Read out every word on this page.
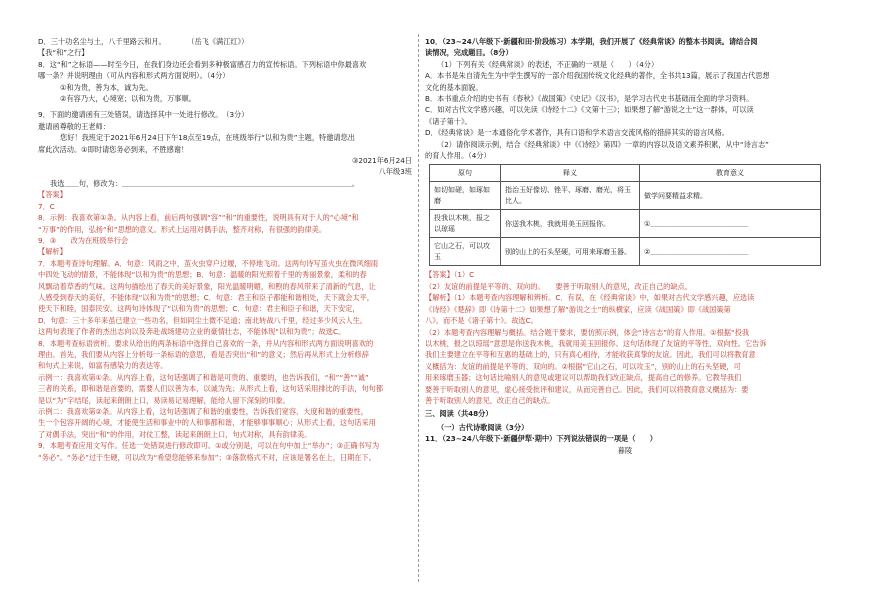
D．三十功名尘与土，八千里路云和月。　　　　（岳飞《满江红》）
【我“和”之行】
8．这“和”之标语——时至今日，在我们身边还会看到多种极富感召力的宣传标语。下列标语中你最喜欢
哪一条？并说明理由（可从内容和形式两方面说明）。（4分）
①和为贵，善为本，诚为先。
②有容乃大，心境宽；以和为贵，万事顺。
9．下面的邀请函有三处错误，请选择其中一处进行修改。　（3分）
邀请函尊敬的王老师：
您好！我班定于2021年6月24日下午18点至19点，在班级举行“以和为贵”主题，特邀请您出
席此次活动。①即时请您务必到来，不胜感谢！
③2021年6月24日
八年级3班
我选＿＿句，修改为：＿＿＿＿＿＿＿＿＿＿＿＿＿＿＿＿＿＿＿＿＿＿＿＿＿＿＿＿＿＿＿＿。
【答案】
7．C
8．示例：我喜欢第①条。从内容上看，前后两句强调“容”“和”的重要性，说明具有对于人的“心境”和
“万事”的作用，弘扬“和”思想的意义。形式上运用对偶手法，整齐对称，有很强的韵律美。
9．③　　改为在班级举行会
【解析】
7．本题考查诗句理解。A．句意：风雨之中，茧火虫穿户过堰，不停地飞动。这两句诗写茧火虫在微风细雨
中四处飞动的情景，不能体现“以和为贵”的思想；B．句意：温暖的阳光照着千里的秀丽景象，柔和的春
风飘动着草香的气味。这两句描绘出了春天的美好景象，阳光温暖明媚，和煦的春风带来了清新的气息，让
人感受到春天的美好，不能体现“以和为贵”的思想；C．句意：君王和臣子都能和谐相处，天下就会太平，
使天下和睦，国泰民安。这两句诗体现了“以和为贵”的思想；C．句意：君主和臣子和谐，天下安定，
D．句意：三十多年来虽已建立一些功名，但如同尘土微不足道；南北转战八千里，经过多少风云人生。
这两句表现了作者的杰出志向以及奔赴战场建功立业的豪情壮志，不能体现“以和为贵”；故选C。
8．本题考查标语赏析。要求从给出的两条标语中选择自己喜欢的一条，并从内容和形式两方面说明喜欢的
理由。首先，我们要从内容上分析每一条标语的意思，看是否突出“和”的意义；然后再从形式上分析修辞
和句式上来说，如富有感染力的表达等。
示例一：我喜欢第①条。从内容上看，这句话强调了和谐是可贵的、重要的，也告诉我们，“和”“善”“诚”
三者的关系，即和谐是首要的，需要人们以善为本，以诚为先；从形式上看，这句话采用排比的手法，句句都
是以“为”字结尾，读起来朗朗上口，易读易记易理解，能给人留下深刻的印象。
示例二：我喜欢第②条。从内容上看，这句话强调了和谐的重要性，告诉我们宽容、大度和谐的重要性，
生一个包容开阔的心境，才能使生活和事业中的人和事都和谐，才能够事事顺心；从形式上看，这句话采用
了对偶手法，突出“和”的作用，对仗工整，读起来朗朗上口，句式对称，具有韵律美。
9．本题考查应用文写作。任选一处错误进行修改即可。①或分别是，可以在句中加上“举办”；③正确书写为
“务必”。“务必”过于生硬，可以改为“希望您能够来参加”；③落款格式不对，应该是署名在上，日期在下。
10．（23~24八年级下·新疆和田·阶段练习）本学期，我们开展了《经典常谈》的整本书阅读。请结合阅
读情况，完成题目。（8分）
（1）下列有关《经典常谈》的表述，不正确的一项是（　　）（4分）
A．本书是朱自清先生为中学生撰写的一部介绍我国传统文化经典的著作，全书共13篇，展示了我国古代思想
文化的基本面貌。
B．本书重点介绍的史书有《春秋》《战国策》《史记》《汉书》，是学习古代史书基础而全面的学习资料。
C．如对古代文学感兴趣，可以先读《诗经十二》《文第十三》；如果想了解“游说之士”这一群体，可以读
《诸子第十》。
D．《经典常谈》是一本通俗化学术著作，具有口语和学术语言交流风格的措辞其实的语言风格。
（2）请你阅读示例，结合《经典常谈》中《《诗经》第四》一章的内容以及语文素养积累，从中“诗言志”
的育人作用。（4分）
原句	释义	教育意义
如切如磋，如琢如磨	指治玉好像切、锉平、琢磨、磨光，将玉比人。	做学问要精益求精。
投我以木桃，报之以琼瑶	你送我木桃，我就用美玉回报你。	①＿＿＿＿＿＿＿＿＿＿＿＿＿＿
它山之石，可以攻玉	别的山上的石头坚硬，可用来琢磨玉器。	②＿＿＿＿＿＿＿＿＿＿＿＿＿＿
【答案】（1）C
（2）友谊的前提是平等的、双向的。　　要善于听取别人的意见，改正自己的缺点。
【解析】（1）本题考查内容理解和辨析。C．有误，在《经典常谈》中，如果对古代文学感兴趣，应选读
《诗经》《楚辞》即《诗第十二》如果想了解“游说之士”的纵横家，应读《战国策》即《战国策第
八》。而不是《诸子第十》。故选C。
（2）本题考查内容理解与概括。结合题干要求，要仿照示例，体会“诗言志”的育人作用。①根据“投我
以木桃，报之以琼瑶”意思是你送我木桃，我就用美玉回报你。这句话体现了友谊的平等性、双向性。它告诉
我们主要建立在平等和互惠的基础上的，只有真心相待，才能收获真挚的友谊。因此，我们可以将教育意
义概括为：友谊的前提是平等的、双向的。②根据“它山之石，可以攻玉”，别的山上的石头坚硬，可
用来琢磨玉器；这句话比喻别人的意见或建议可以帮助我们改正缺点，提高自己的修养。它教导我们
要善于听取别人的意见，虚心接受批评和建议，从而完善自己。因此，我们可以将教育意义概括为：要
善于听取别人的意见，改正自己的缺点。
三、阅读（共48分）
（一）古代诗歌阅读（3分）
11．（23~24八年级下·新疆伊犁·期中）下列说法错误的一项是（　　）
暮陵
